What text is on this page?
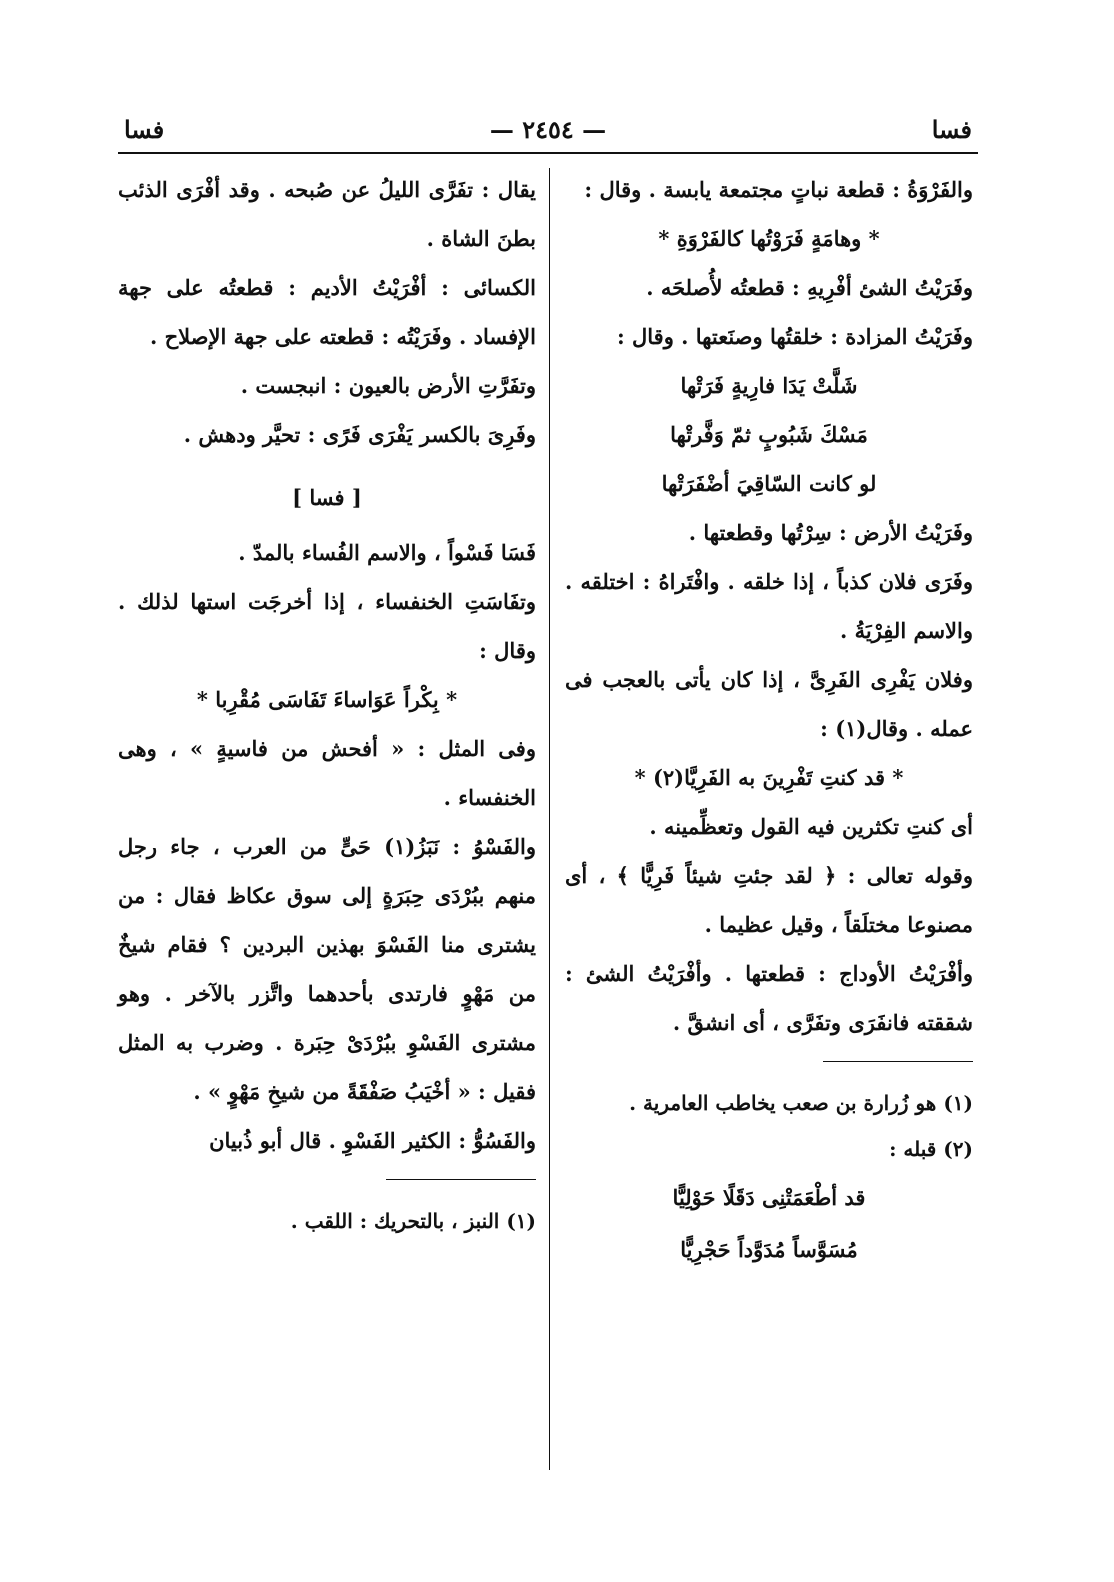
فسا
— ٢٤٥٤ —
فسا

والفَرْوَةُ : قطعة نباتٍ مجتمعة يابسة . وقال :

* وهامَةٍ فَرَوْتُها كالفَرْوَةِ *

وفَرَيْتُ الشئ أفْرِيهِ : قطعتُه لأُصلحَه .

وفَرَيْتُ المزادة : خلقتُها وصنَعتها . وقال :

شَلَّتْ يَدَا فارِيةٍ فَرَتْها

مَسْكَ شَبُوبٍ ثمّ وَفَّرتْها

لو كانت السّاقِيَ أضْفَرَتْها

وفَرَيْتُ الأرض : سِرْتُها وقطعتها .

وفَرَى فلان كذباً ، إذا خلقه . وافْتَراهُ : اختلقه . والاسم الفِرْيَةُ .

وفلان يَفْرِى الفَرِىَّ ، إذا كان يأتى بالعجب فى عمله . وقال(١) :

* قد كنتِ تَفْرِينَ به الفَرِيَّا(٢) *

أى كنتِ تكثرين فيه القول وتعظِّمينه .

وقوله تعالى : ﴿ لقد جئتِ شيئاً فَرِيًّا ﴾ ، أى مصنوعا مختلَقاً ، وقيل عظيما .

وأفْرَيْتُ الأوداج : قطعتها . وأفْرَيْتُ الشئ : شققته فانفَرَى وتفَرَّى ، أى انشقَّ .

(١) هو زُرارة بن صعب يخاطب العامرية .

(٢) قبله :

قد أطْعَمَتْنِى دَقَلًا حَوْلِيًّا

مُسَوَّساً مُدَوَّداً حَجْرِيًّا

يقال : تفَرَّى الليلُ عن صُبحه . وقد أفْرَى الذئب بطنَ الشاة .

الكسائى : أفْرَيْتُ الأديم : قطعتُه على جهة الإفساد . وفَرَيْتُه : قطعته على جهة الإصلاح .

وتفَرَّتِ الأرض بالعيون : انبجست .

وفَرِىَ بالكسر يَفْرَى فَرًى : تحيَّر ودهش .

[ فسا ]

فَسَا فَسْواً ، والاسم الفُساء بالمدّ .

وتفَاسَتِ الخنفساء ، إذا أخرجَت استها لذلك . وقال :

* بِكْراً عَوَاساءَ تَفَاسَى مُقْرِبا *

وفى المثل : « أفحش من فاسيةٍ » ، وهى الخنفساء .

والفَسْوُ : نَبَزُ(١) حَىٍّ من العرب ، جاء رجل منهم ببُرْدَى حِبَرَةٍ إلى سوق عكاظ فقال : من يشترى منا الفَسْوَ بهذين البردين ؟ فقام شيخٌ من مَهْوٍ فارتدى بأحدهما واتَّزر بالآخر . وهو مشترى الفَسْوِ ببُرْدَىْ حِبَرة . وضرب به المثل فقيل : « أخْيَبُ صَفْقَةً من شيخِ مَهْوٍ » .

والفَسُوُّ : الكثير الفَسْوِ . قال أبو ذُبيان

(١) النبز ، بالتحريك : اللقب .
